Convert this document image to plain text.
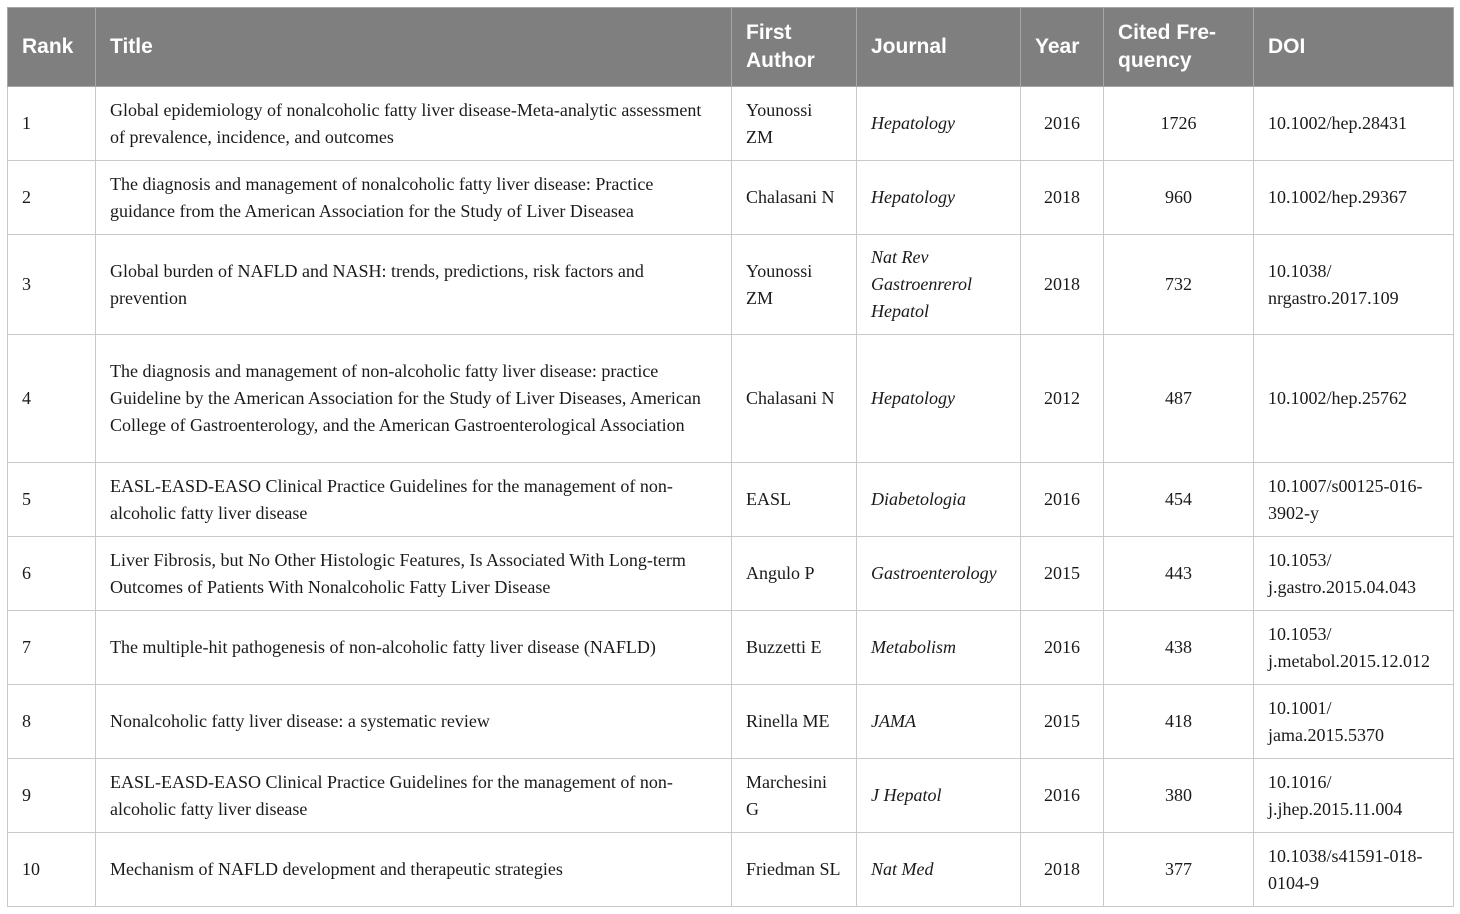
Rank	Title	First Author	Journal	Year	Cited Fre-quency	DOI
1	Global epidemiology of nonalcoholic fatty liver disease-Meta-analytic assessment of prevalence, incidence, and outcomes	Younossi ZM	Hepatology	2016	1726	10.1002/hep.28431
2	The diagnosis and management of nonalcoholic fatty liver disease: Practice guidance from the American Association for the Study of Liver Diseasea	Chalasani N	Hepatology	2018	960	10.1002/hep.29367
3	Global burden of NAFLD and NASH: trends, predictions, risk factors and prevention	Younossi ZM	Nat Rev Gastroenrerol Hepatol	2018	732	10.1038/ nrgastro.2017.109
4	The diagnosis and management of non-alcoholic fatty liver disease: practice Guideline by the American Association for the Study of Liver Diseases, American College of Gastroenterology, and the American Gastroenterological Association	Chalasani N	Hepatology	2012	487	10.1002/hep.25762
5	EASL-EASD-EASO Clinical Practice Guidelines for the management of non-alcoholic fatty liver disease	EASL	Diabetologia	2016	454	10.1007/s00125-016-3902-y
6	Liver Fibrosis, but No Other Histologic Features, Is Associated With Long-term Outcomes of Patients With Nonalcoholic Fatty Liver Disease	Angulo P	Gastroenterology	2015	443	10.1053/ j.gastro.2015.04.043
7	The multiple-hit pathogenesis of non-alcoholic fatty liver disease (NAFLD)	Buzzetti E	Metabolism	2016	438	10.1053/ j.metabol.2015.12.012
8	Nonalcoholic fatty liver disease: a systematic review	Rinella ME	JAMA	2015	418	10.1001/ jama.2015.5370
9	EASL-EASD-EASO Clinical Practice Guidelines for the management of non-alcoholic fatty liver disease	Marchesini G	J Hepatol	2016	380	10.1016/ j.jhep.2015.11.004
10	Mechanism of NAFLD development and therapeutic strategies	Friedman SL	Nat Med	2018	377	10.1038/s41591-018-0104-9
